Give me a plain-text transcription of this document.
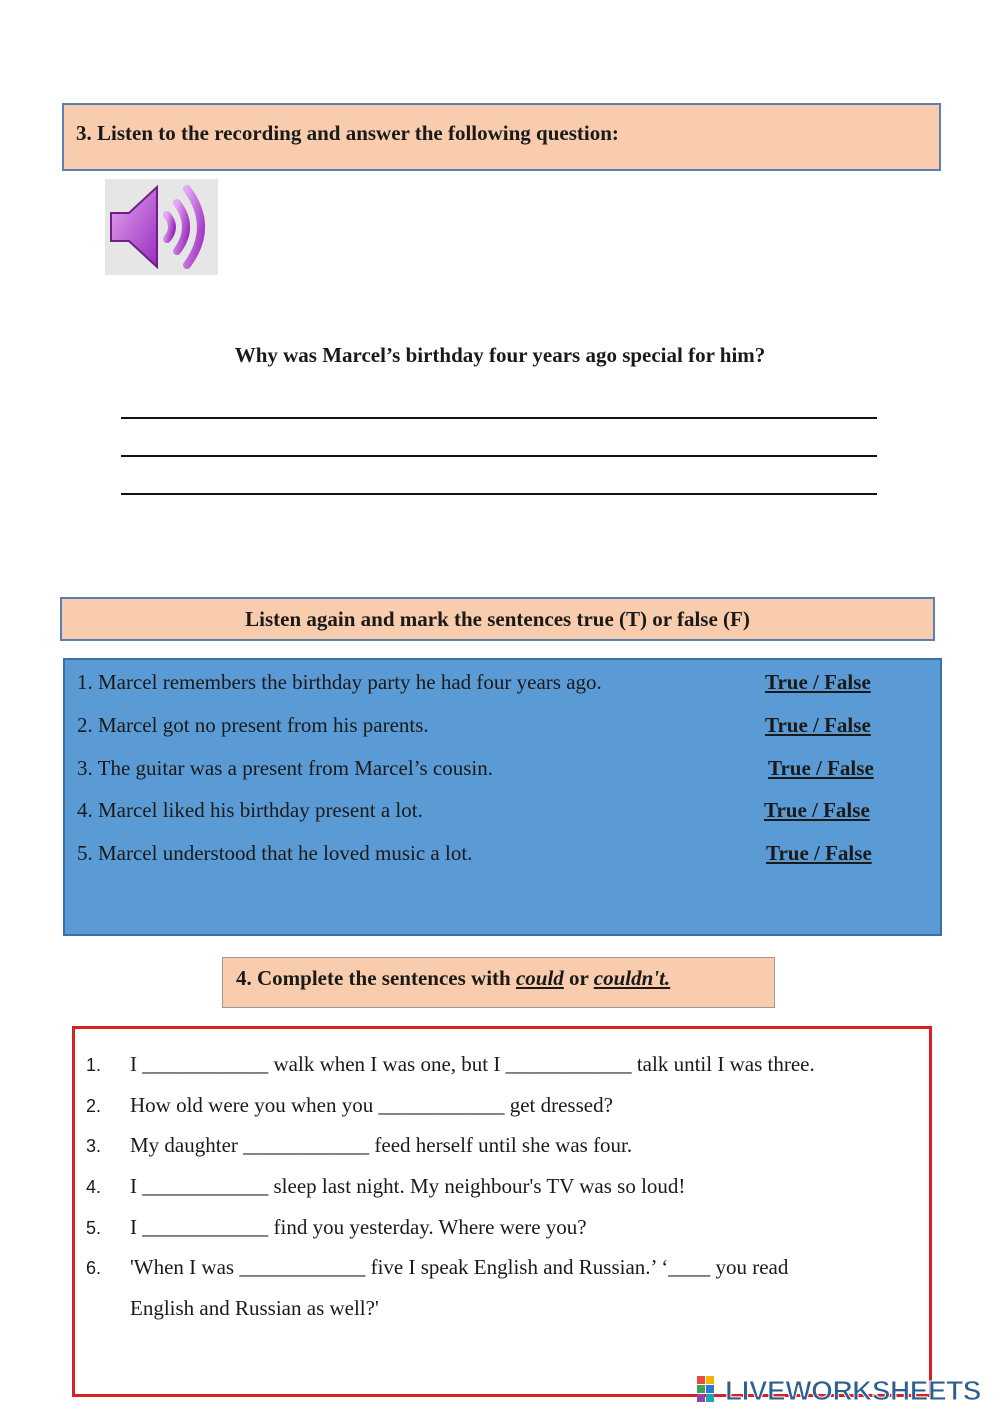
3. Listen to the recording and answer the following question:
Why was Marcel’s birthday four years ago special for him?
Listen again and mark the sentences true (T) or false (F)
1. Marcel remembers the birthday party he had four years ago.	True / False
2. Marcel got no present from his parents.	True / False
3. The guitar was a present from Marcel’s cousin.	True / False
4. Marcel liked his birthday present a lot.	True / False
5. Marcel understood that he loved music a lot.	True / False
4. Complete the sentences with could or couldn't.
1. I ____________ walk when I was one, but I ____________ talk until I was three.
2. How old were you when you ____________ get dressed?
3. My daughter ____________ feed herself until she was four.
4. I ____________ sleep last night. My neighbour's TV was so loud!
5. I ____________ find you yesterday. Where were you?
6. 'When I was ____________ five I speak English and Russian.’ ‘____ you read
English and Russian as well?'
LIVEWORKSHEETS
